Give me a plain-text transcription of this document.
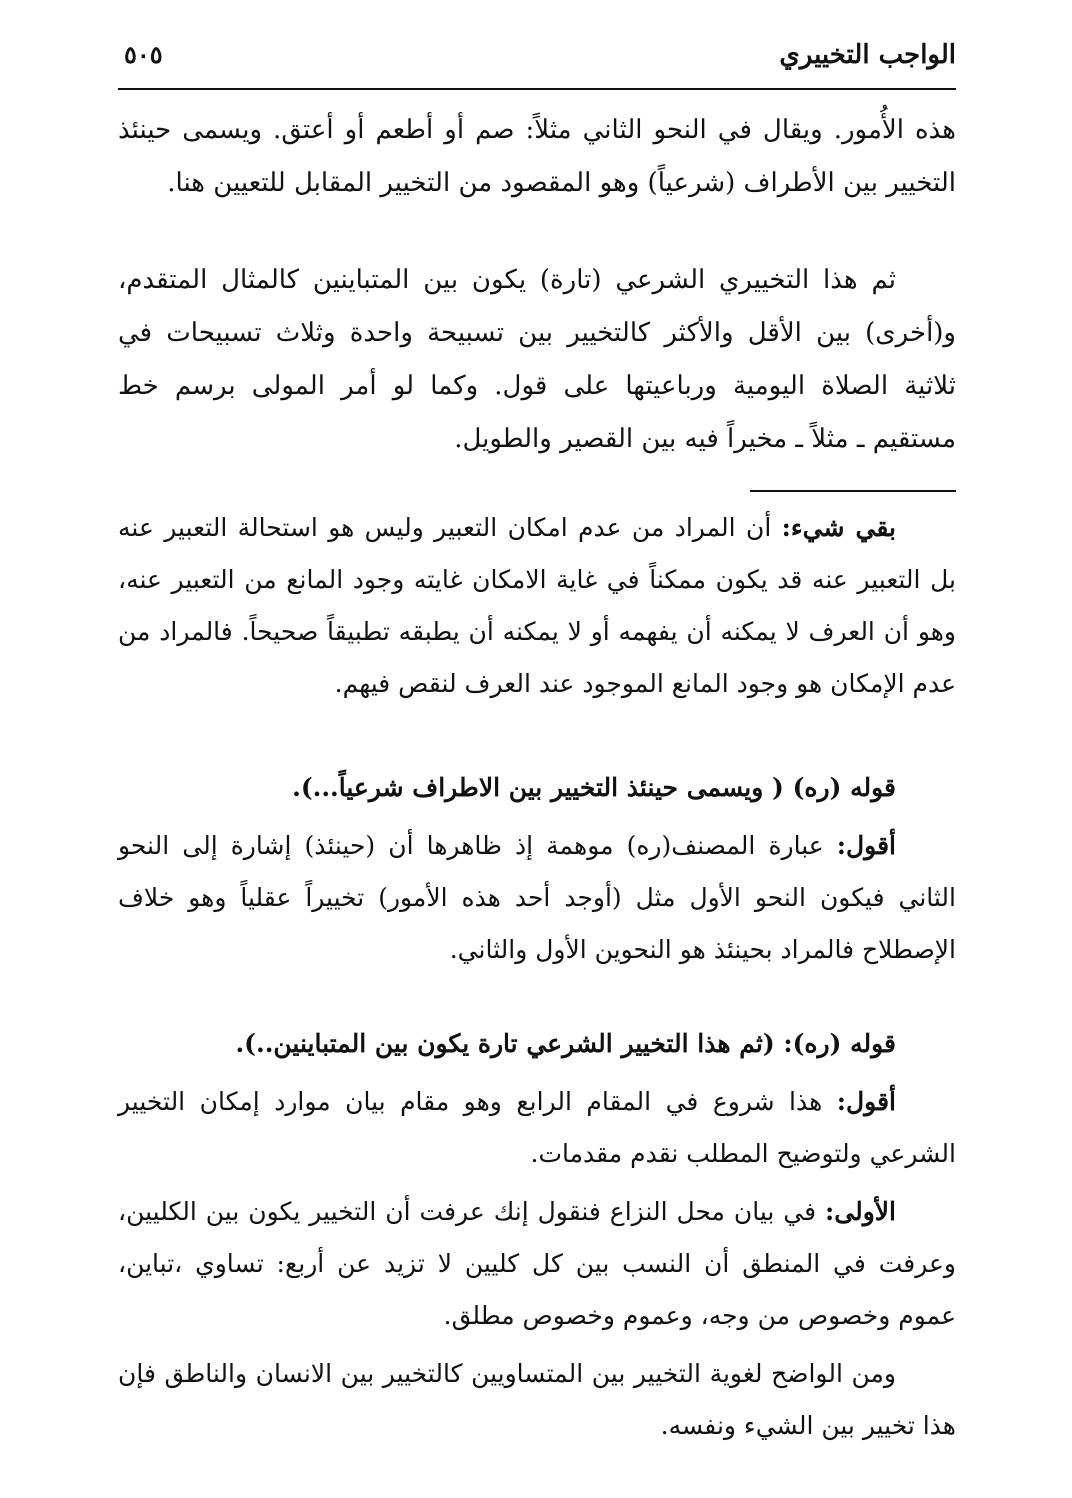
الواجب التخييري
٥٠٥

هذه الأُمور. ويقال في النحو الثاني مثلاً: صم أو أطعم أو أعتق. ويسمى حينئذ التخيير بين الأطراف (شرعياً) وهو المقصود من التخيير المقابل للتعيين هنا.

ثم هذا التخييري الشرعي (تارة) يكون بين المتباينين كالمثال المتقدم، و(أخرى) بين الأقل والأكثر كالتخيير بين تسبيحة واحدة وثلاث تسبيحات في ثلاثية الصلاة اليومية ورباعيتها على قول. وكما لو أمر المولى برسم خط مستقيم ـ مثلاً ـ مخيراً فيه بين القصير والطويل.

بقي شيء: أن المراد من عدم امكان التعبير وليس هو استحالة التعبير عنه بل التعبير عنه قد يكون ممكناً في غاية الامكان غايته وجود المانع من التعبير عنه، وهو أن العرف لا يمكنه أن يفهمه أو لا يمكنه أن يطبقه تطبيقاً صحيحاً. فالمراد من عدم الإمكان هو وجود المانع الموجود عند العرف لنقص فيهم.

قوله (ره) ( ويسمى حينئذ التخيير بين الاطراف شرعياً...).

أقول: عبارة المصنف(ره) موهمة إذ ظاهرها أن (حينئذ) إشارة إلى النحو الثاني فيكون النحو الأول مثل (أوجد أحد هذه الأمور) تخييراً عقلياً وهو خلاف الإصطلاح فالمراد بحينئذ هو النحوين الأول والثاني.

قوله (ره): (ثم هذا التخيير الشرعي تارة يكون بين المتباينين..).

أقول: هذا شروع في المقام الرابع وهو مقام بيان موارد إمكان التخيير الشرعي ولتوضيح المطلب نقدم مقدمات.

الأولى: في بيان محل النزاع فنقول إنك عرفت أن التخيير يكون بين الكليين، وعرفت في المنطق أن النسب بين كل كليين لا تزيد عن أربع: تساوي ،تباين، عموم وخصوص من وجه، وعموم وخصوص مطلق.

ومن الواضح لغوية التخيير بين المتساويين كالتخيير بين الانسان والناطق فإن هذا تخيير بين الشيء ونفسه.
